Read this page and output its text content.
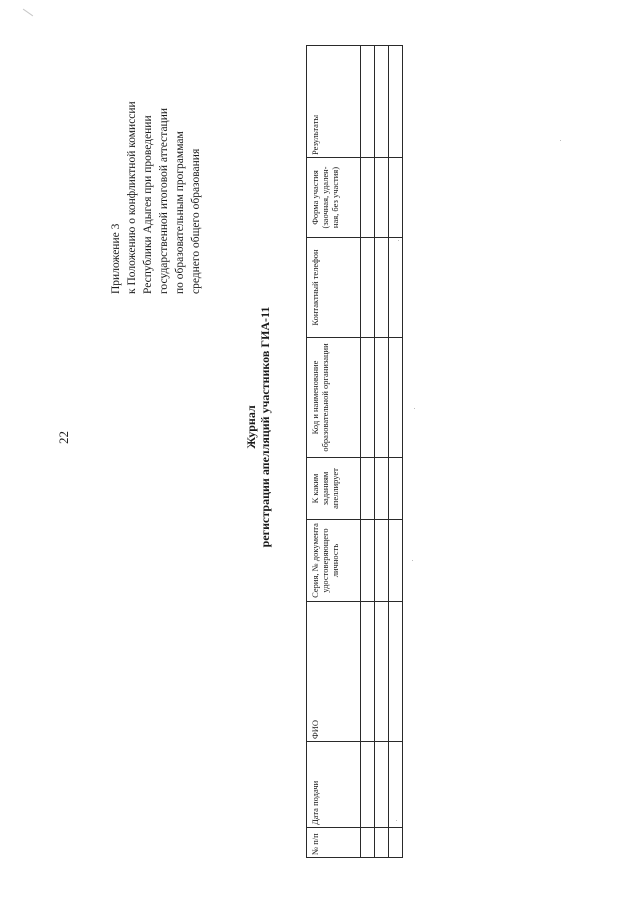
22
Приложение 3 к Положению о конфликтной комиссии Республики Адыгея при проведении государственной итоговой аттестации по образовательным программам среднего общего образования
Журнал регистрации апелляций участников ГИА-11
№ п/п	Дата подачи	ФИО	Серия, № документа удостоверяющего личность	К каким заданиям апеллирует	Код и наименование образовательной организации	Контактный телефон	Форма участия (заочная, удален-ная, без участия)	Результаты
